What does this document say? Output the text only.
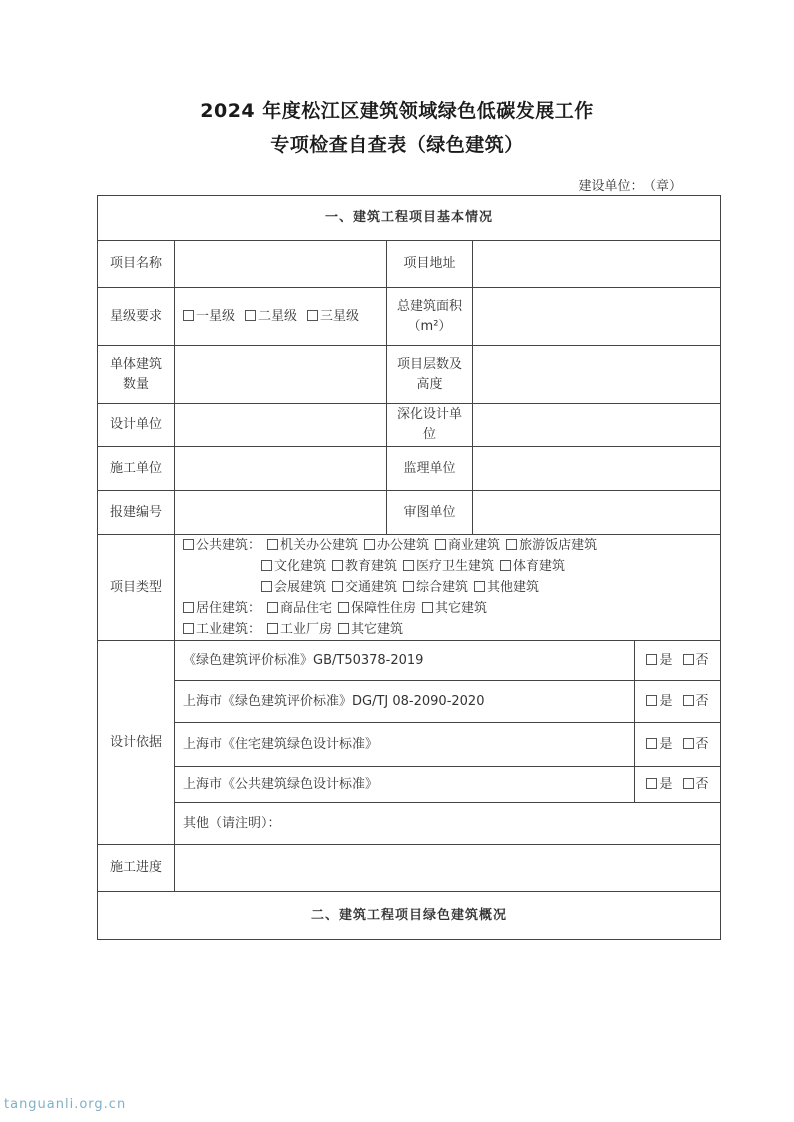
2024 年度松江区建筑领域绿色低碳发展工作
专项检查自查表（绿色建筑）
建设单位： （章）
一、建筑工程项目基本情况				
项目名称		项目地址		
星级要求	一星级 二星级 三星级	总建筑面积（m²）		
单体建筑数量		项目层数及高度		
设计单位		深化设计单位		
施工单位		监理单位		
报建编号		审图单位		
项目类型	公共建筑： 机关办公建筑 办公建筑 商业建筑 旅游饭店建筑
文化建筑 教育建筑 医疗卫生建筑 体育建筑
会展建筑 交通建筑 综合建筑 其他建筑
居住建筑： 商品住宅 保障性住房 其它建筑
工业建筑： 工业厂房 其它建筑			

设计依据	《绿色建筑评价标准》GB/T50378-2019			是 否
	上海市《绿色建筑评价标准》DG/TJ 08-2090-2020			是 否
	上海市《住宅建筑绿色设计标准》			是 否
	上海市《公共建筑绿色设计标准》			是 否
	其他（请注明）：			
施工进度				
二、建筑工程项目绿色建筑概况				
tanguanli.org.cn
